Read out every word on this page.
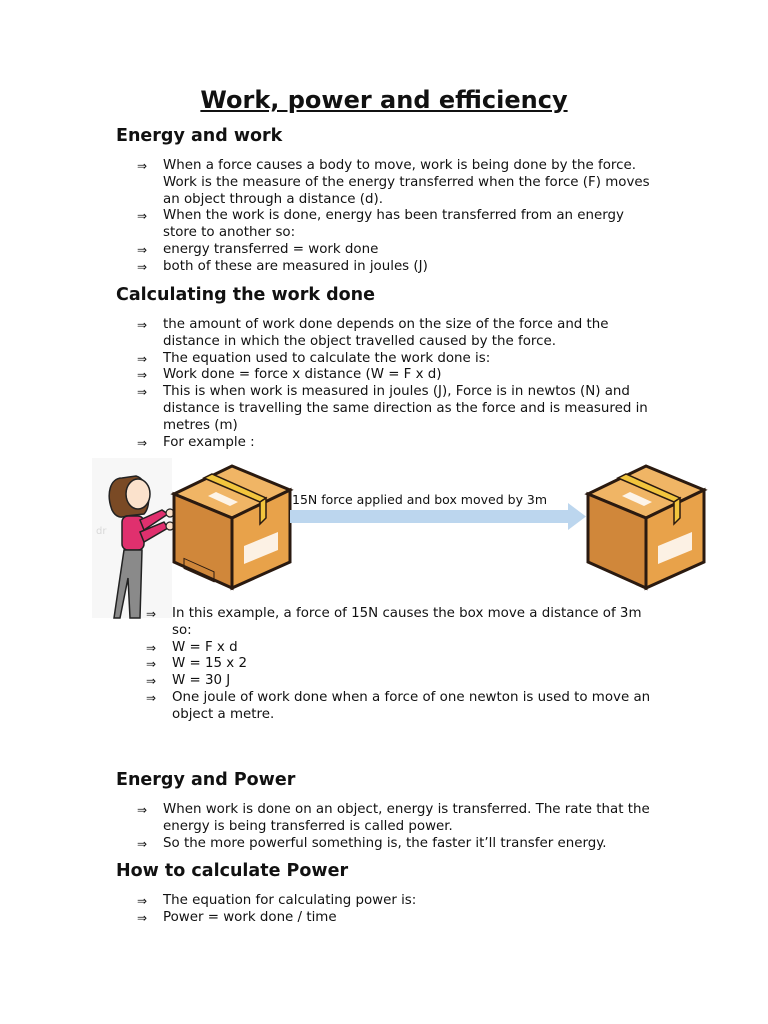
Work, power and efficiency
Energy and work
⇒ When a force causes a body to move, work is being done by the force. Work is the measure of the energy transferred when the force (F) moves an object through a distance (d).
⇒ When the work is done, energy has been transferred from an energy store to another so:
⇒ energy transferred = work done
⇒ both of these are measured in joules (J)
Calculating the work done
⇒ the amount of work done depends on the size of the force and the distance in which the object travelled caused by the force.
⇒ The equation used to calculate the work done is:
⇒ Work done = force x distance (W = F x d)
⇒ This is when work is measured in joules (J), Force is in newtos (N) and distance is travelling the same direction as the force and is measured in metres (m)
⇒ For example :
dr

15N force applied and box moved by 3m

⇒ In this example, a force of 15N causes the box move a distance of 3m so:
⇒ W = F x d
⇒ W = 15 x 2
⇒ W = 30 J
⇒ One joule of work done when a force of one newton is used to move an object a metre.
Energy and Power
⇒ When work is done on an object, energy is transferred. The rate that the energy is being transferred is called power.
⇒ So the more powerful something is, the faster it’ll transfer energy.
How to calculate Power
⇒ The equation for calculating power is:
⇒ Power = work done / time
